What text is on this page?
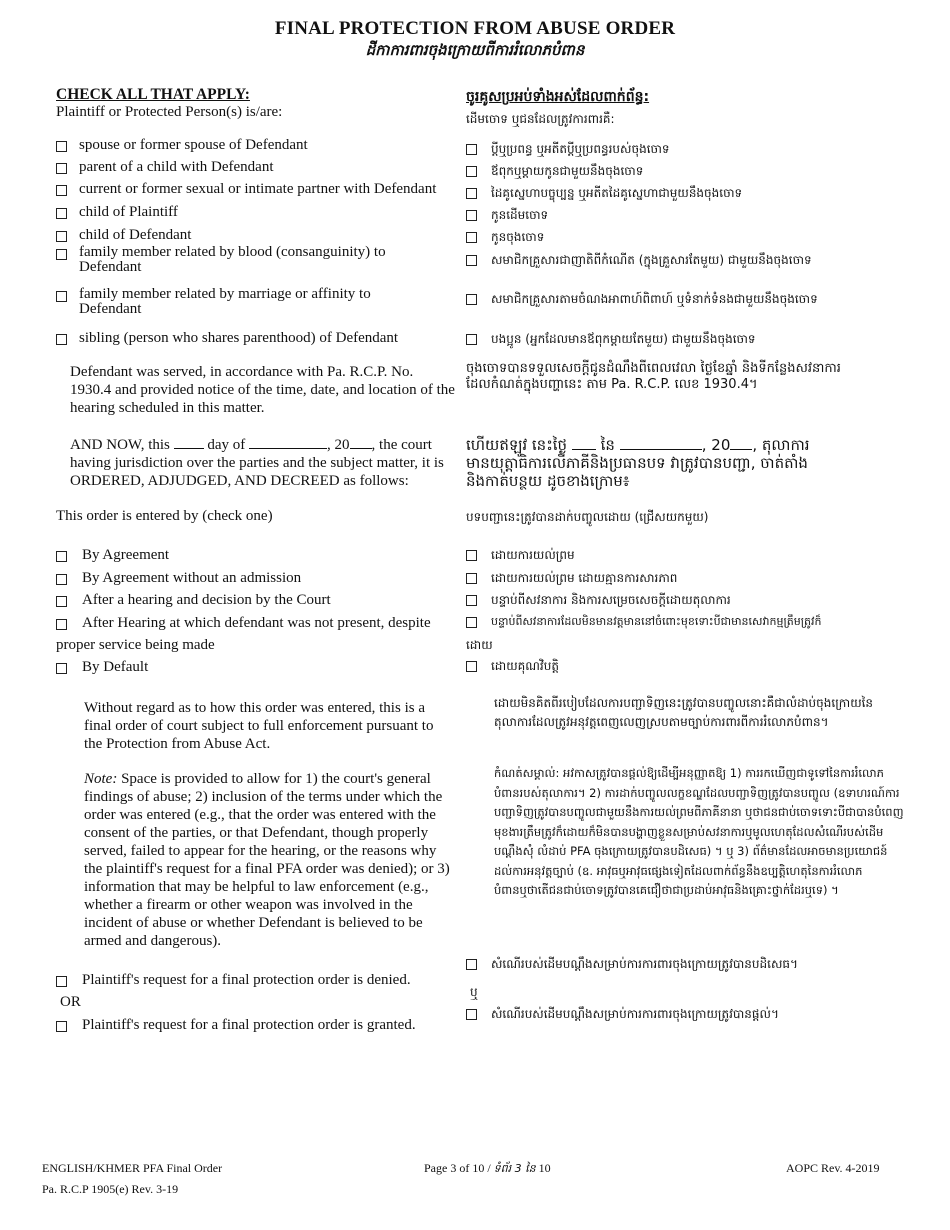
FINAL PROTECTION FROM ABUSE ORDER
ដីកាការពារចុងក្រោយពីការរំលោភបំពាន
CHECK ALL THAT APPLY:
Plaintiff or Protected Person(s) is/are:
spouse or former spouse of Defendant
parent of a child with Defendant
current or former sexual or intimate partner with Defendant
child of Plaintiff
child of Defendant
family member related by blood (consanguinity) to Defendant
family member related by marriage or affinity to Defendant
sibling (person who shares parenthood) of Defendant
Defendant was served, in accordance with Pa. R.C.P. No. 1930.4 and provided notice of the time, date, and location of the hearing scheduled in this matter.
AND NOW, this	day of	, 20 , the court having jurisdiction over the parties and the subject matter, it is ORDERED, ADJUDGED, AND DECREED as follows:
This order is entered by (check one)
By Agreement
By Agreement without an admission
After a hearing and decision by the Court
After Hearing at which defendant was not present, despite
proper service being made
By Default
Without regard as to how this order was entered, this is a final order of court subject to full enforcement pursuant to the Protection from Abuse Act.
Note: Space is provided to allow for 1) the court's general findings of abuse; 2) inclusion of the terms under which the order was entered (e.g., that the order was entered with the consent of the parties, or that Defendant, though properly served, failed to appear for the hearing, or the reasons why the plaintiff's request for a final PFA order was denied); or 3) information that may be helpful to law enforcement (e.g., whether a firearm or other weapon was involved in the incident of abuse or whether Defendant is believed to be armed and dangerous).
Plaintiff's request for a final protection order is denied.
OR
Plaintiff's request for a final protection order is granted.
ចូរគូសប្រអប់ទាំងអស់ដែលពាក់ព័ន្ធ:
ដើមចោទ ឬជនដែលត្រូវការពារគឺ:
ប្ដីឬប្រពន្ធ ឬអតីតប្ដីឬប្រពន្ធរបស់ចុងចោទ
ឪពុកឬម្ដាយកូនជាមួយនឹងចុងចោទ
ដៃគូស្នេហាបច្ចុប្បន្ន ឬអតីតដៃគូស្នេហាជាមួយនឹងចុងចោទ
កូនដើមចោទ
កូនចុងចោទ
សមាជិកគ្រួសារជាញាតិពីកំណើត (ក្នុងគ្រួសារតែមួយ) ជាមួយនឹងចុងចោទ
សមាជិកគ្រួសារតាមចំណងអាពាហ៍ពិពាហ៍ ឬទំនាក់ទំនងជាមួយនឹងចុងចោទ
បងប្អូន (អ្នកដែលមានឪពុកម្ដាយតែមួយ) ជាមួយនឹងចុងចោទ
ចុងចោទបានទទួលសេចក្ដីជូនដំណឹងពីពេលវេលា ថ្ងៃខែឆ្នាំ និងទីកន្លែងសវនាការ ដែលកំណត់ក្នុងបញ្ហានេះ តាម Pa. R.C.P. លេខ 1930.4។
ហើយឥឡូវ នេះថ្ងៃ នៃ	, 20 , តុលាការមានយុត្តាធិការលើភាគីនិងប្រធានបទ វាត្រូវបានបញ្ជា, ចាត់តាំងនិងកាត់បន្ថយ ដូចខាងក្រោម៖
បទបញ្ជានេះត្រូវបានដាក់បញ្ចូលដោយ (ជ្រើសយកមួយ)
ដោយការយល់ព្រម
ដោយការយល់ព្រម ដោយគ្មានការសារភាព
បន្ទាប់ពីសវនាការ និងការសម្រេចសេចក្ដីដោយតុលាការ
បន្ទាប់ពីសវនាការដែលមិនមានវត្តមាននៅចំពោះមុខទោះបីជាមានសេវាកម្មត្រឹមត្រូវក៏
ដោយ
ដោយគុណវិបត្តិ
ដោយមិនគិតពីរបៀបដែលការបញ្ជាទិញនេះត្រូវបានបញ្ចូលនោះគឺជាលំដាប់ចុងក្រោយនៃតុលាការដែលត្រូវអនុវត្តពេញលេញស្របតាមច្បាប់ការពារពីការរំលោភបំពាន។
កំណត់សម្គាល់: អវកាសត្រូវបានផ្ដល់ឱ្យដើម្បីអនុញ្ញាតឱ្យ 1) ការរកឃើញជាទូទៅនៃការរំលោភបំពានរបស់តុលាការ។ 2) ការដាក់បញ្ចូលលក្ខខណ្ឌដែលបញ្ជាទិញត្រូវបានបញ្ចូល (ឧទាហរណ៍ការបញ្ជាទិញត្រូវបានបញ្ចូលជាមួយនឹងការយល់ព្រមពីភាគីនានា ឬថាជនជាប់ចោទទោះបីជាបានបំពេញមុខងារត្រឹមត្រូវក៏ដោយក៏មិនបានបង្ហាញខ្លួនសម្រាប់សវនាការឬមូលហេតុដែលសំណើរបស់ដើមបណ្ដឹងសុំ លំដាប់ PFA ចុងក្រោយត្រូវបានបដិសេធ) ។ ឬ 3) ព័ត៌មានដែលអាចមានប្រយោជន៍ដល់ការអនុវត្តច្បាប់ (ឧ. អាវុធឬអាវុធផ្សេងទៀតដែលពាក់ព័ន្ធនឹងឧប្បត្តិហេតុនៃការរំលោភបំពានឬថាតើជនជាប់ចោទត្រូវបានគេជឿថាជាប្រដាប់អាវុធនិងគ្រោះថ្នាក់ដែរឬទេ) ។
សំណើរបស់ដើមបណ្ដឹងសម្រាប់ការការពារចុងក្រោយត្រូវបានបដិសេធ។
ឬ
សំណើរបស់ដើមបណ្ដឹងសម្រាប់ការការពារចុងក្រោយត្រូវបានផ្ដល់។
ENGLISH/KHMER PFA Final Order
Pa. R.C.P 1905(e) Rev. 3-19
Page 3 of 10 / ទំព័រ 3 នៃ 10	AOPC Rev. 4-2019
